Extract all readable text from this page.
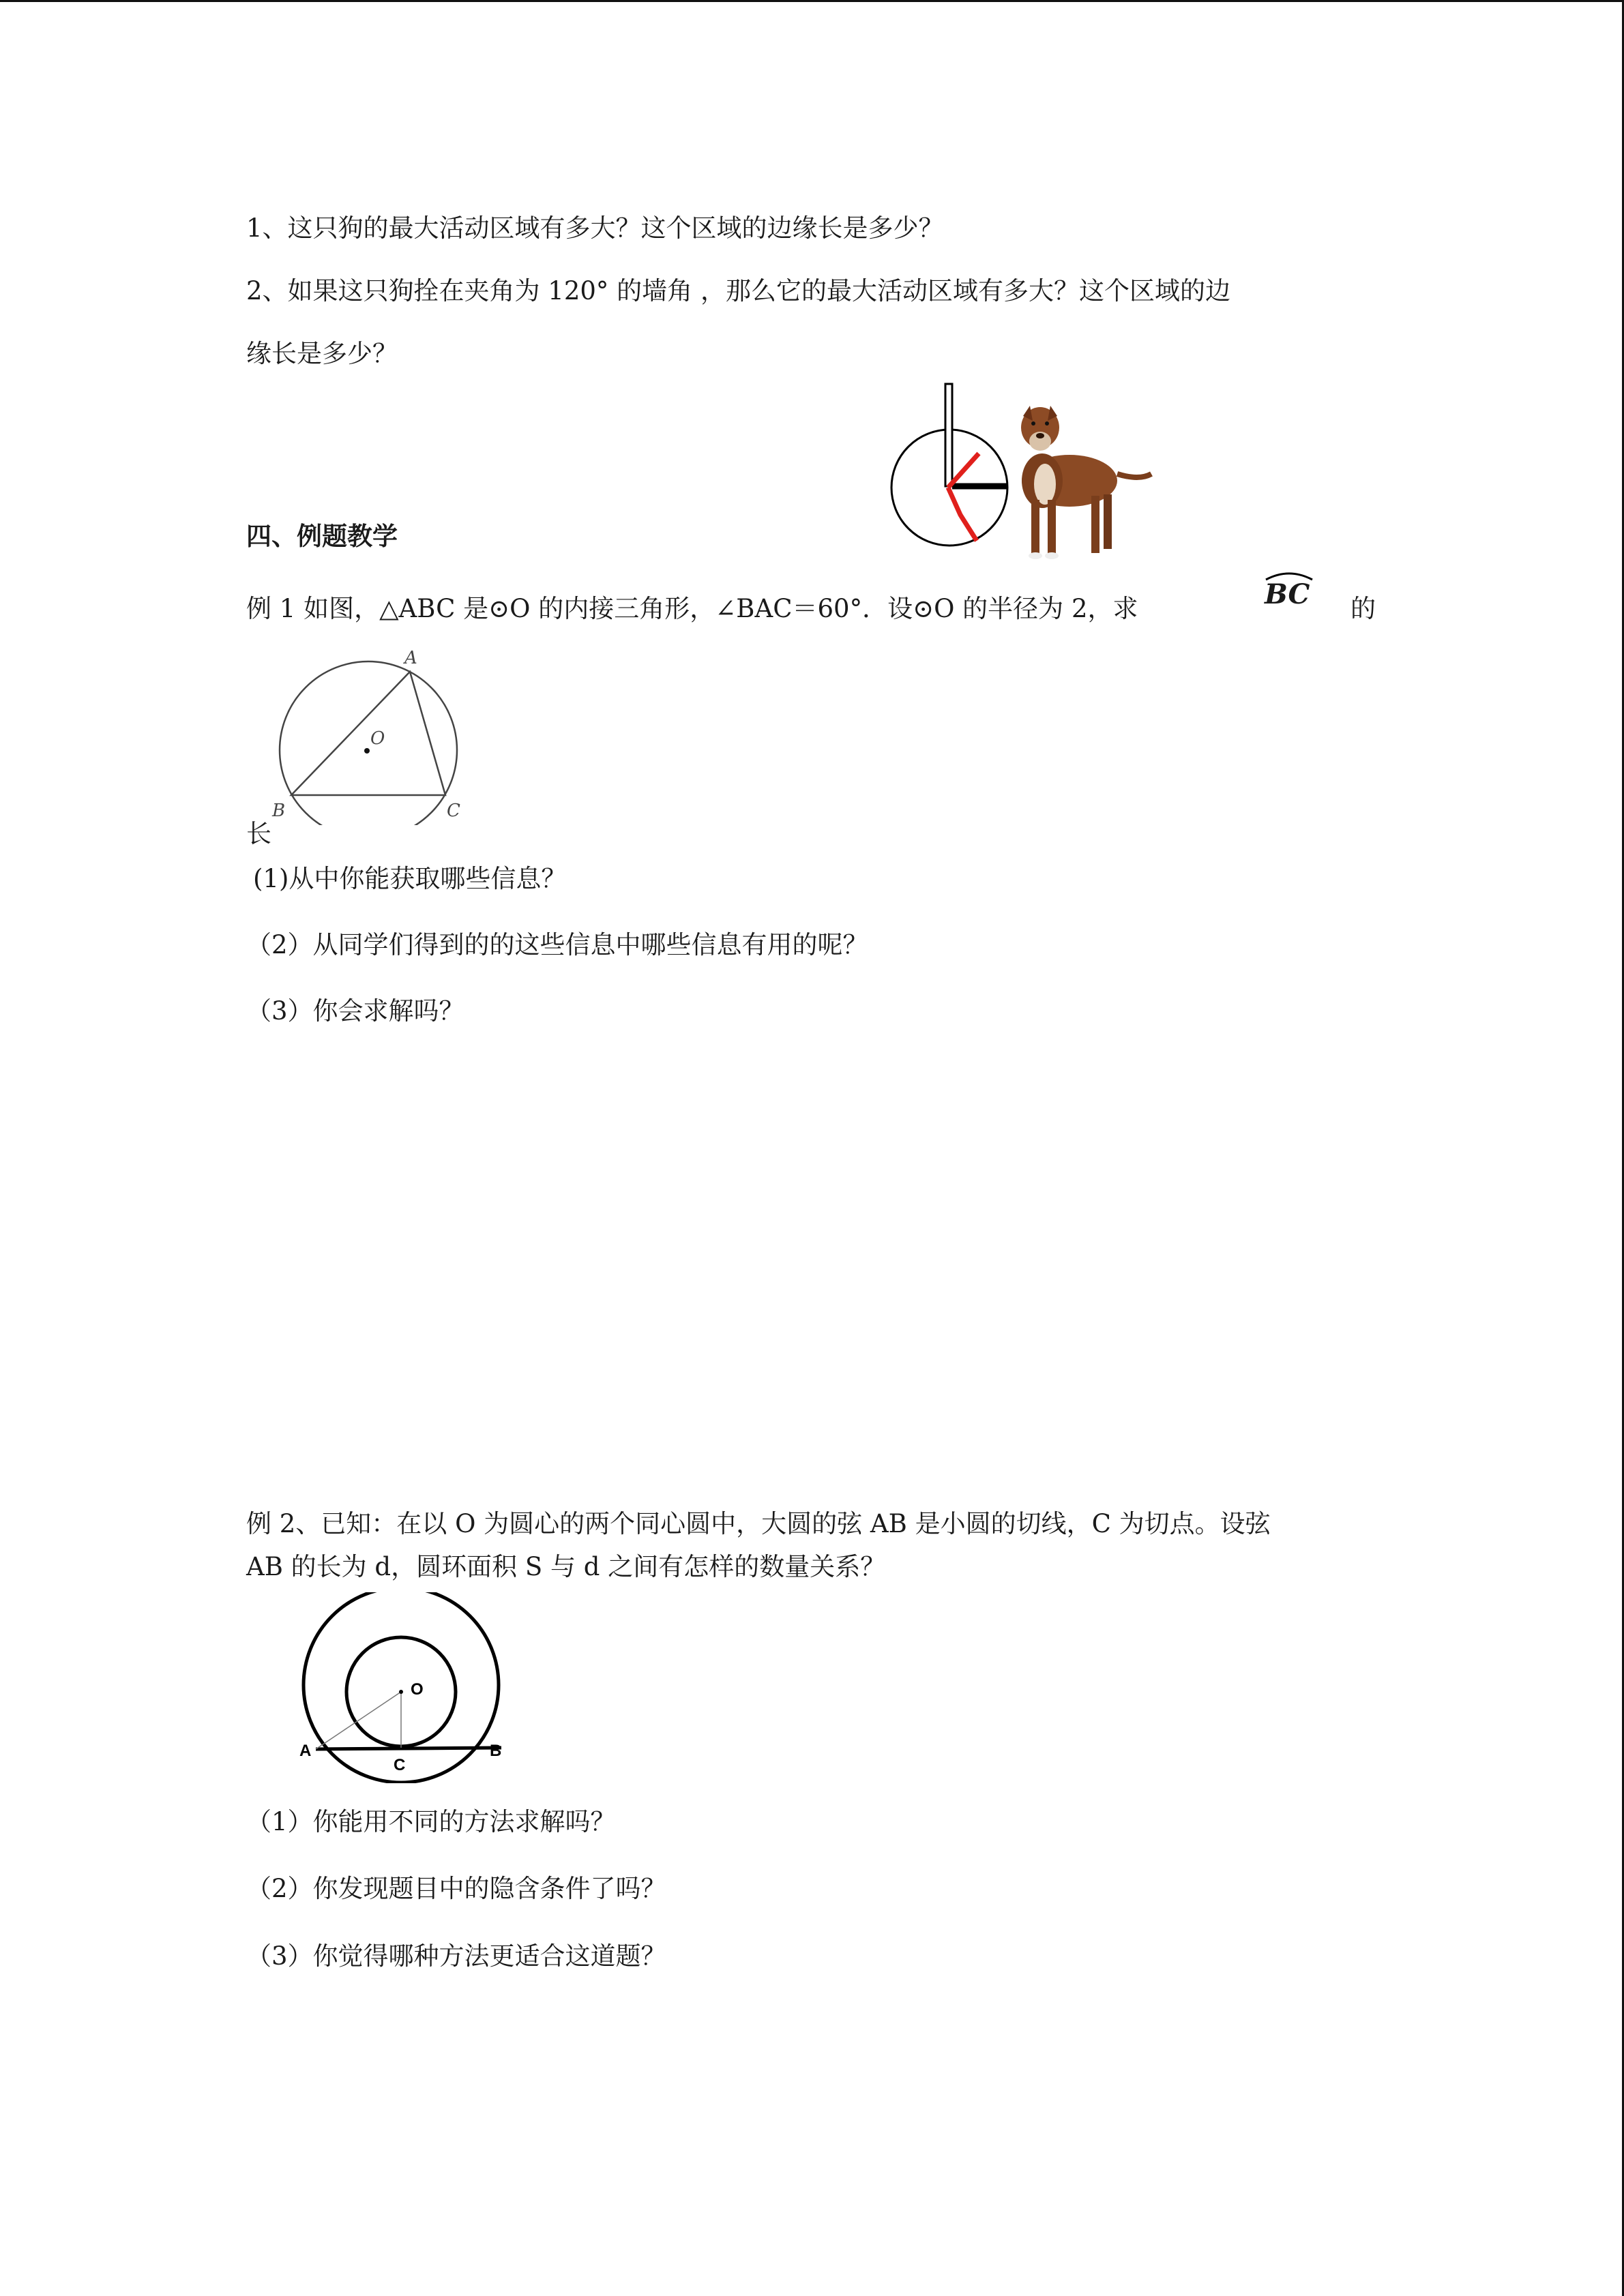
1、这只狗的最大活动区域有多大？这个区域的边缘长是多少？
2、如果这只狗拴在夹角为 120° 的墙角 ，那么它的最大活动区域有多大？这个区域的边
缘长是多少？
四、例题教学
例 1 如图，△ABC 是⊙O 的内接三角形，∠BAC＝60°．设⊙O 的半径为 2，求	BC 的
A
B	C
O
长
(1)从中你能获取哪些信息？
（2）从同学们得到的的这些信息中哪些信息有用的呢？
（3）你会求解吗？
例 2、已知：在以 O 为圆心的两个同心圆中，大圆的弦 AB 是小圆的切线，C 为切点。设弦
AB 的长为 d，圆环面积 S 与 d 之间有怎样的数量关系？
O
A	B
C
（1）你能用不同的方法求解吗？
（2）你发现题目中的隐含条件了吗？
（3）你觉得哪种方法更适合这道题？
